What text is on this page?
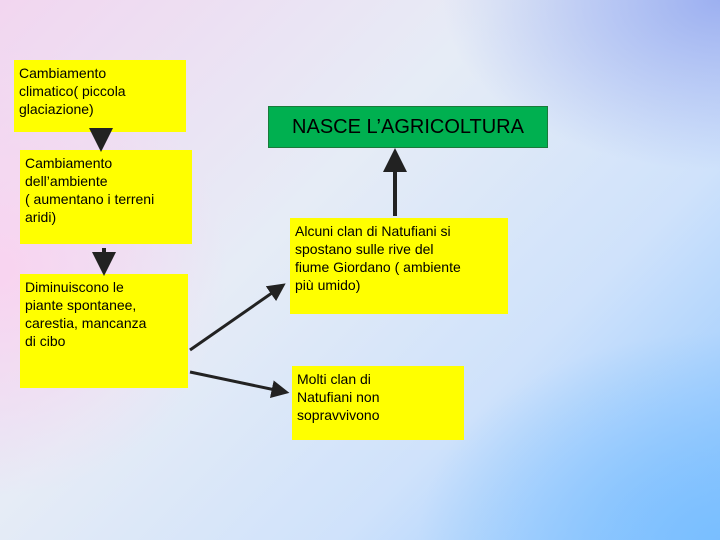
Cambiamento
climatico( piccola
glaciazione)
Cambiamento
dell’ambiente
( aumentano i terreni
aridi)
Diminuiscono le
piante spontanee,
carestia, mancanza
di cibo
NASCE L’AGRICOLTURA
Alcuni clan di Natufiani si
spostano sulle rive del
fiume Giordano ( ambiente
più umido)
Molti clan di
Natufiani non
sopravvivono
